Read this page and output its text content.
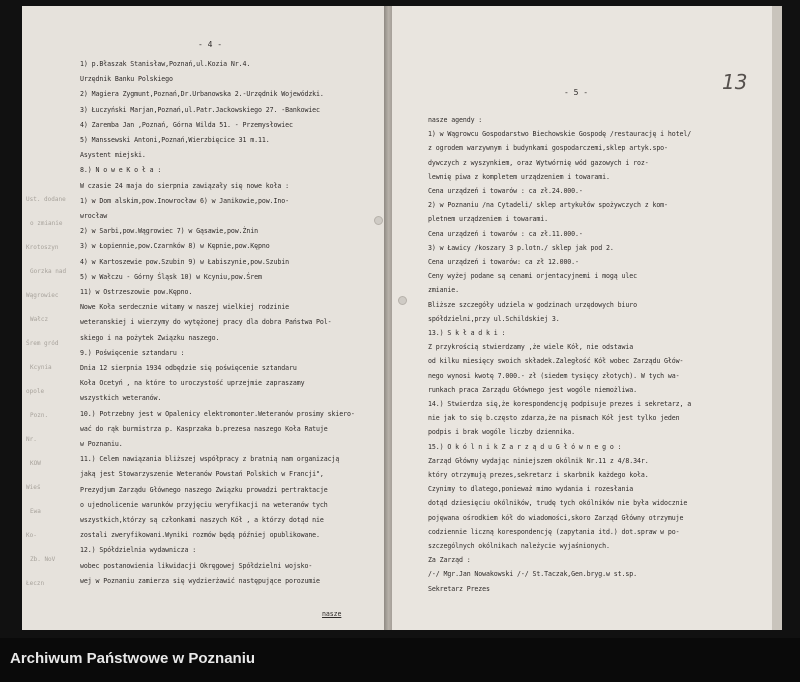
- 4 -
1) p.Błaszak Stanisław,Poznań,ul.Kozia Nr.4.
Urzędnik Banku Polskiego
2) Magiera Zygmunt,Poznań,Dr.Urbanowska 2.-Urzędnik Wojewódzki.
3) Łuczyński Marjan,Poznań,ul.Patr.Jackowskiego 27. -Bankowiec
4) Zaremba Jan ,Poznań, Górna Wilda 51. - Przemysłowiec
5) Manssewski Antoni,Poznań,Wierzbięcice 31 m.11.
Asystent miejski.
8.) N o w e K o ł a :
W czasie 24 maja do sierpnia zawiązały się nowe koła :
1) w Dom alskim,pow.Inowrocław 6) w Janikowie,pow.Ino-
wrocław
2) w Sarbi,pow.Wągrowiec 7) w Gąsawie,pow.Żnin
3) w Łopiennie,pow.Czarnków 8) w Kępnie,pow.Kępno
4) w Kartoszewie pow.Szubin 9) w Łabiszynie,pow.Szubin
5) w Wałczu - Górny Śląsk 10) w Kcyniu,pow.Śrem
11) w Ostrzeszowie pow.Kępno.
Nowe Koła serdecznie witamy w naszej wielkiej rodzinie
weteranskiej i wierzymy do wytężonej pracy dla dobra Państwa Pol-
skiego i na pożytek Związku naszego.
9.) Poświęcenie sztandaru :
Dnia 12 sierpnia 1934 odbędzie się poświęcenie sztandaru
Koła Ocetyń , na które to uroczystość uprzejmie zapraszamy
wszystkich weteranów.
10.) Potrzebny jest w Opalenicy elektromonter.Weteranów prosimy skiero-
wać do rąk burmistrza p. Kasprzaka b.prezesa naszego Koła Ratuje
w Poznaniu.
11.) Celem nawiązania bliższej współpracy z bratnią nam organizacją
jaką jest Stowarzyszenie Weteranów Powstań Polskich w Francji",
Prezydjum Zarządu Głównego naszego Związku prowadzi pertraktacje
o ujednolicenie warunków przyjęciu weryfikacji na weteranów tych
wszystkich,którzy są członkami naszych Kół , a którzy dotąd nie
zostali zweryfikowani.Wyniki rozmów będą później opublikowane.
12.) Spółdzielnia wydawnicza :
wobec postanowienia likwidacji Okręgowej Spółdzielni wojsko-
wej w Poznaniu zamierza się wydzierżawić następujące porozumie
nasze
Ust. dodane
o zmianie
Krotoszyn
Gorzka nad
Wągrowiec
Wałcz
Śrem gród
Kcynia
opole
Pozn.
Nr.
KOW
Wieś
Ewa
Ko-
Zb. NoV
Łeczn
- 5 -	13
nasze agendy :
1) w Wągrowcu Gospodarstwo Biechowskie Gospodę /restaurację i hotel/
z ogrodem warzywnym i budynkami gospodarczemi,sklep artyk.spo-
dywczych z wyszynkiem, oraz Wytwórnię wód gazowych i roz-
lewnię piwa z kompletem urządzeniem i towarami.
Cena urządzeń i towarów : ca zł.24.000.-
2) w Poznaniu /na Cytadeli/ sklep artykułów spożywczych z kom-
pletnem urządzeniem i towarami.
Cena urządzeń i towarów : ca zł.11.000.-
3) w Ławicy /koszary 3 p.lotn./ sklep jak pod 2.
Cena urządzeń i towarów: ca zł 12.000.-
Ceny wyżej podane są cenami orjentacyjnemi i mogą ulec
zmianie.
Bliższe szczegóły udziela w godzinach urzędowych biuro
spółdzielni,przy ul.Schildskiej 3.
13.) S k ł a d k i :
Z przykrością stwierdzamy ,że wiele Kół, nie odstawia
od kilku miesięcy swoich składek.Zaległość Kół wobec Zarządu Głów-
nego wynosi kwotę 7.000.- zł (siedem tysięcy złotych). W tych wa-
runkach praca Zarządu Głównego jest wogóle niemożliwa.
14.) Stwierdza się,że korespondencję podpisuje prezes i sekretarz, a
nie jak to się b.często zdarza,że na pismach Kół jest tylko jeden
podpis i brak wogóle liczby dziennika.
15.) O k ó l n i k Z a r z ą d u G ł ó w n e g o :
Zarząd Główny wydając niniejszem okólnik Nr.11 z 4/8.34r.
który otrzymują prezes,sekretarz i skarbnik każdego koła.
Czynimy to dlatego,ponieważ mimo wydania i rozesłania
dotąd dziesięciu okólników, trudę tych okólników nie była widocznie
pojęwana ośrodkiem kół do wiadomości,skoro Zarząd Główny otrzymuje
codziennie liczną korespondencję (zapytania itd.) dot.spraw w po-
szczególnych okólnikach należycie wyjaśnionych.
Za Zarząd :
/-/ Mgr.Jan Nowakowski /-/ St.Taczak,Gen.bryg.w st.sp.
Sekretarz Prezes
Archiwum Państwowe w Poznaniu
